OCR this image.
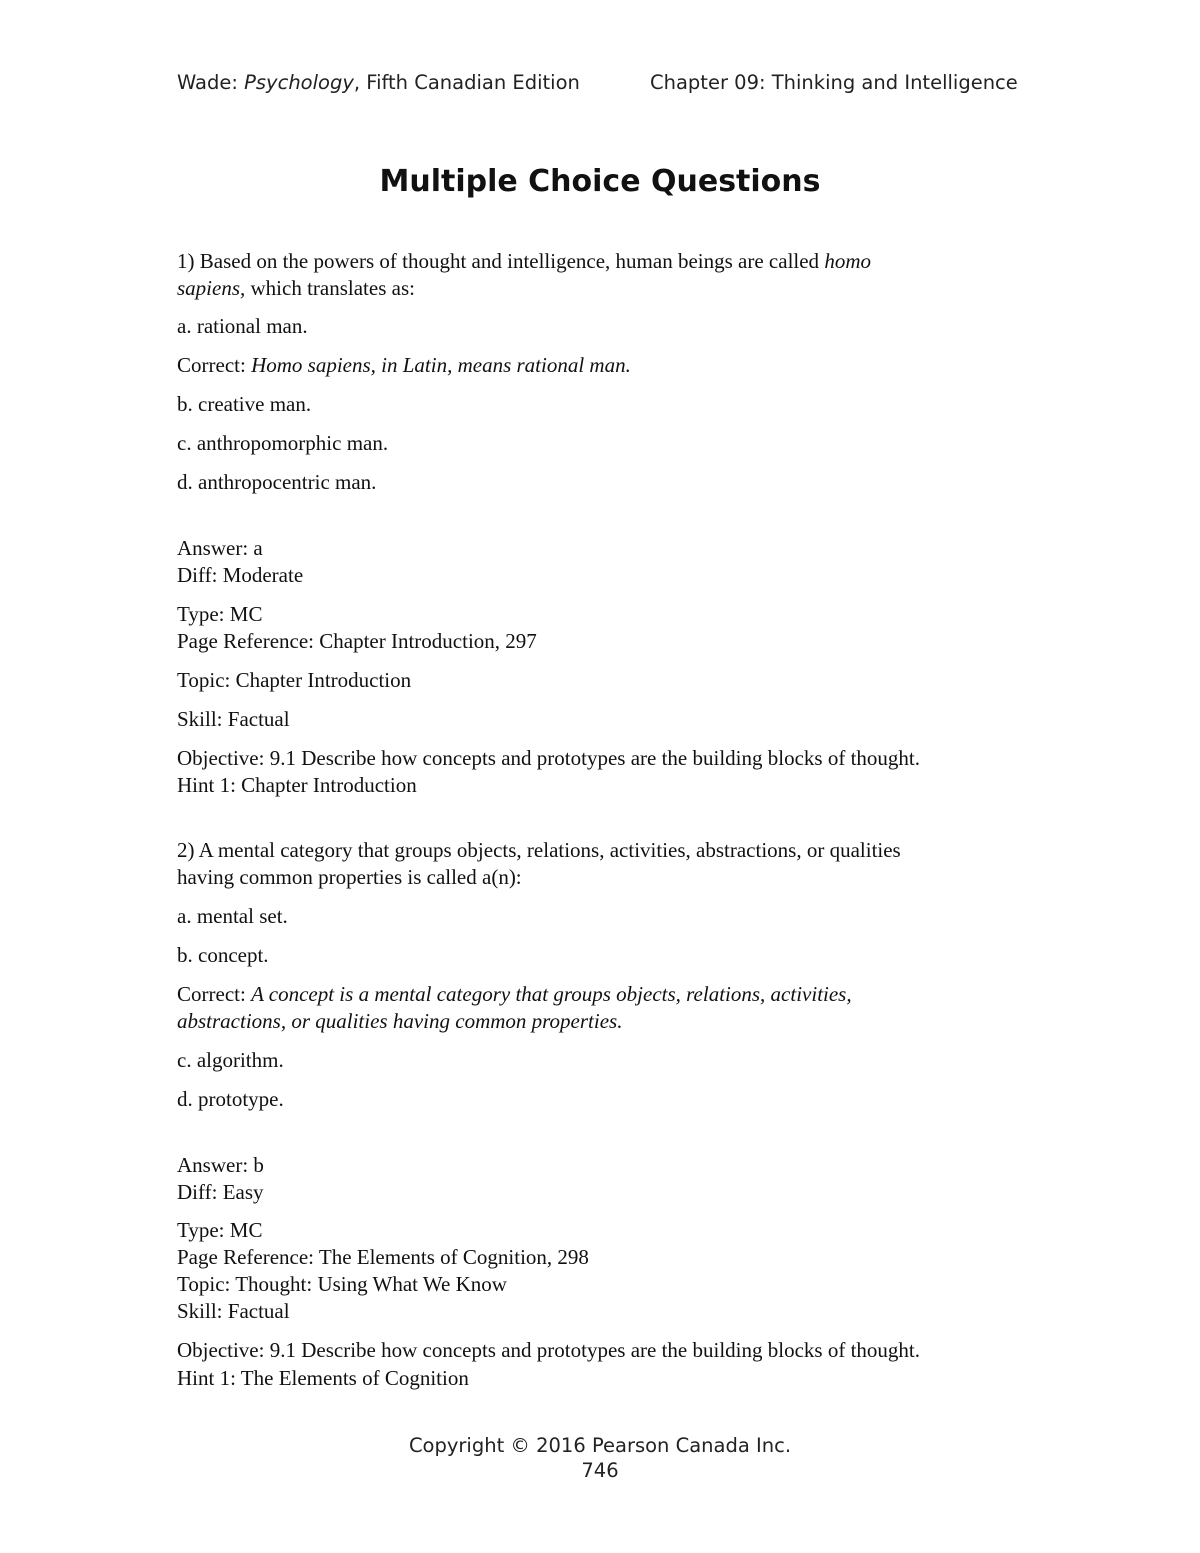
Wade: Psychology, Fifth Canadian Edition	Chapter 09: Thinking and Intelligence
Multiple Choice Questions
1) Based on the powers of thought and intelligence, human beings are called homo
sapiens, which translates as:
a. rational man.
Correct: Homo sapiens, in Latin, means rational man.
b. creative man.
c. anthropomorphic man.
d. anthropocentric man.
Answer: a
Diff: Moderate
Type: MC
Page Reference: Chapter Introduction, 297
Topic: Chapter Introduction
Skill: Factual
Objective: 9.1 Describe how concepts and prototypes are the building blocks of thought.
Hint 1: Chapter Introduction
2) A mental category that groups objects, relations, activities, abstractions, or qualities
having common properties is called a(n):
a. mental set.
b. concept.
Correct: A concept is a mental category that groups objects, relations, activities,
abstractions, or qualities having common properties.
c. algorithm.
d. prototype.
Answer: b
Diff: Easy
Type: MC
Page Reference: The Elements of Cognition, 298
Topic: Thought: Using What We Know
Skill: Factual
Objective: 9.1 Describe how concepts and prototypes are the building blocks of thought.
Hint 1: The Elements of Cognition
Copyright © 2016 Pearson Canada Inc.
746
